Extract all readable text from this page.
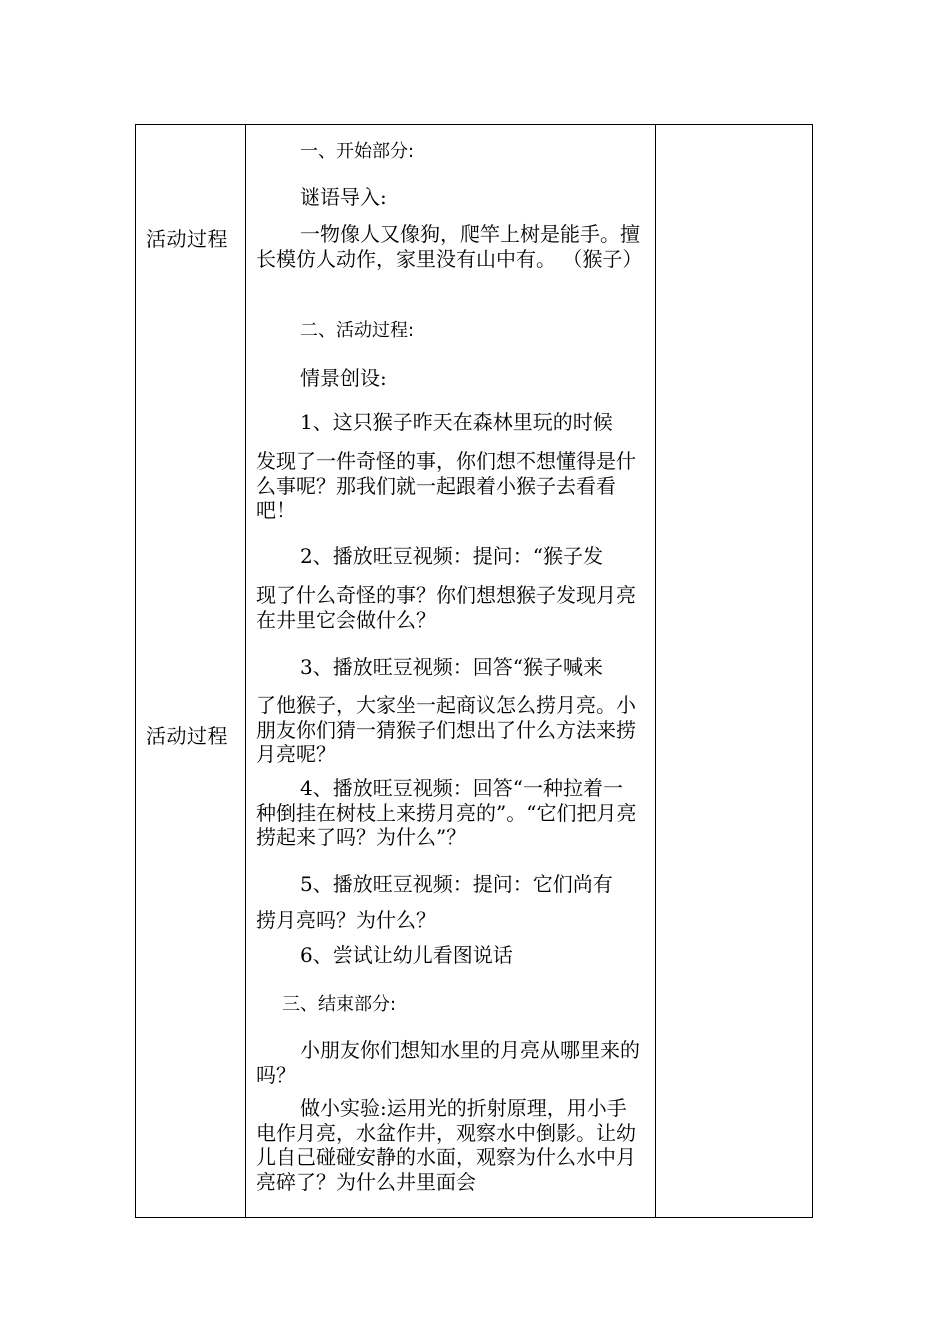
活动过程
活动过程

一、开始部分:

谜语导入:

一物像人又像狗，爬竿上树是能手。擅长模仿人动作，家里没有山中有。 （猴子）

二、活动过程:

情景创设:

1、这只猴子昨天在森林里玩的时候

发现了一件奇怪的事，你们想不想懂得是什么事呢？那我们就一起跟着小猴子去看看吧！

2、播放旺豆视频：提问：“猴子发

现了什么奇怪的事？你们想想猴子发现月亮在井里它会做什么？

3、播放旺豆视频：回答“猴子喊来

了他猴子，大家坐一起商议怎么捞月亮。小朋友你们猜一猜猴子们想出了什么方法来捞月亮呢？

4、播放旺豆视频：回答“一种拉着一种倒挂在树枝上来捞月亮的”。“它们把月亮捞起来了吗？为什么”？

5、播放旺豆视频：提问：它们尚有

捞月亮吗？为什么？

6、尝试让幼儿看图说话

三、结束部分:

小朋友你们想知水里的月亮从哪里来的吗？

做小实验:运用光的折射原理，用小手电作月亮，水盆作井，观察水中倒影。让幼儿自己碰碰安静的水面，观察为什么水中月亮碎了？为什么井里面会
